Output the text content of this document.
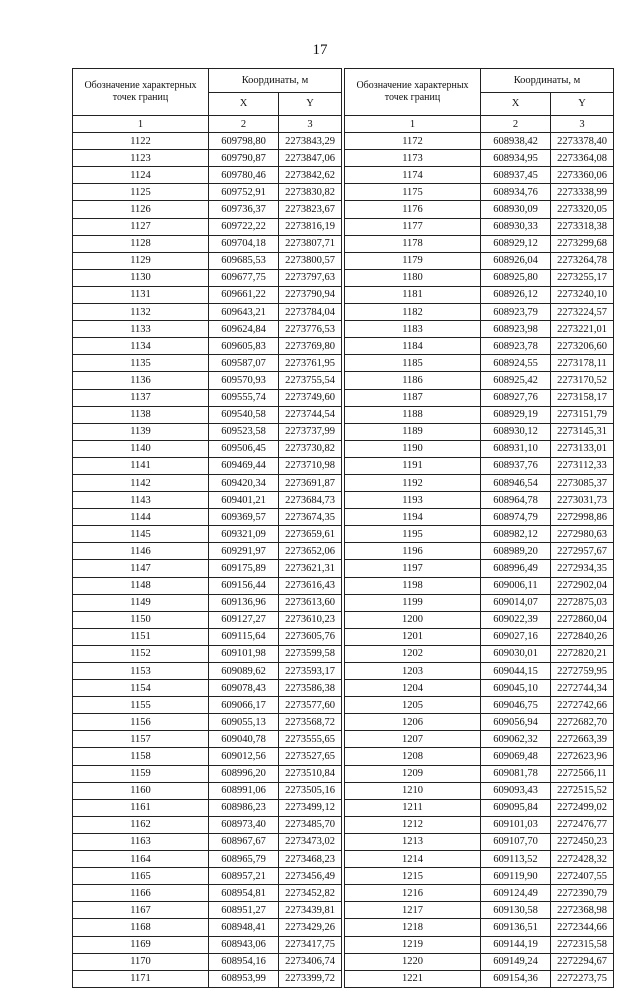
17
Обозначение характерных точек границ	Координаты, м	
	X	Y
1	2	3
1122	609798,80	2273843,29
1123	609790,87	2273847,06
1124	609780,46	2273842,62
1125	609752,91	2273830,82
1126	609736,37	2273823,67
1127	609722,22	2273816,19
1128	609704,18	2273807,71
1129	609685,53	2273800,57
1130	609677,75	2273797,63
1131	609661,22	2273790,94
1132	609643,21	2273784,04
1133	609624,84	2273776,53
1134	609605,83	2273769,80
1135	609587,07	2273761,95
1136	609570,93	2273755,54
1137	609555,74	2273749,60
1138	609540,58	2273744,54
1139	609523,58	2273737,99
1140	609506,45	2273730,82
1141	609469,44	2273710,98
1142	609420,34	2273691,87
1143	609401,21	2273684,73
1144	609369,57	2273674,35
1145	609321,09	2273659,61
1146	609291,97	2273652,06
1147	609175,89	2273621,31
1148	609156,44	2273616,43
1149	609136,96	2273613,60
1150	609127,27	2273610,23
1151	609115,64	2273605,76
1152	609101,98	2273599,58
1153	609089,62	2273593,17
1154	609078,43	2273586,38
1155	609066,17	2273577,60
1156	609055,13	2273568,72
1157	609040,78	2273555,65
1158	609012,56	2273527,65
1159	608996,20	2273510,84
1160	608991,06	2273505,16
1161	608986,23	2273499,12
1162	608973,40	2273485,70
1163	608967,67	2273473,02
1164	608965,79	2273468,23
1165	608957,21	2273456,49
1166	608954,81	2273452,82
1167	608951,27	2273439,81
1168	608948,41	2273429,26
1169	608943,06	2273417,75
1170	608954,16	2273406,74
1171	608953,99	2273399,72
Обозначение характерных точек границ	Координаты, м	
	X	Y
1	2	3
1172	608938,42	2273378,40
1173	608934,95	2273364,08
1174	608937,45	2273360,06
1175	608934,76	2273338,99
1176	608930,09	2273320,05
1177	608930,33	2273318,38
1178	608929,12	2273299,68
1179	608926,04	2273264,78
1180	608925,80	2273255,17
1181	608926,12	2273240,10
1182	608923,79	2273224,57
1183	608923,98	2273221,01
1184	608923,78	2273206,60
1185	608924,55	2273178,11
1186	608925,42	2273170,52
1187	608927,76	2273158,17
1188	608929,19	2273151,79
1189	608930,12	2273145,31
1190	608931,10	2273133,01
1191	608937,76	2273112,33
1192	608946,54	2273085,37
1193	608964,78	2273031,73
1194	608974,79	2272998,86
1195	608982,12	2272980,63
1196	608989,20	2272957,67
1197	608996,49	2272934,35
1198	609006,11	2272902,04
1199	609014,07	2272875,03
1200	609022,39	2272860,04
1201	609027,16	2272840,26
1202	609030,01	2272820,21
1203	609044,15	2272759,95
1204	609045,10	2272744,34
1205	609046,75	2272742,66
1206	609056,94	2272682,70
1207	609062,32	2272663,39
1208	609069,48	2272623,96
1209	609081,78	2272566,11
1210	609093,43	2272515,52
1211	609095,84	2272499,02
1212	609101,03	2272476,77
1213	609107,70	2272450,23
1214	609113,52	2272428,32
1215	609119,90	2272407,55
1216	609124,49	2272390,79
1217	609130,58	2272368,98
1218	609136,51	2272344,66
1219	609144,19	2272315,58
1220	609149,24	2272294,67
1221	609154,36	2272273,75
